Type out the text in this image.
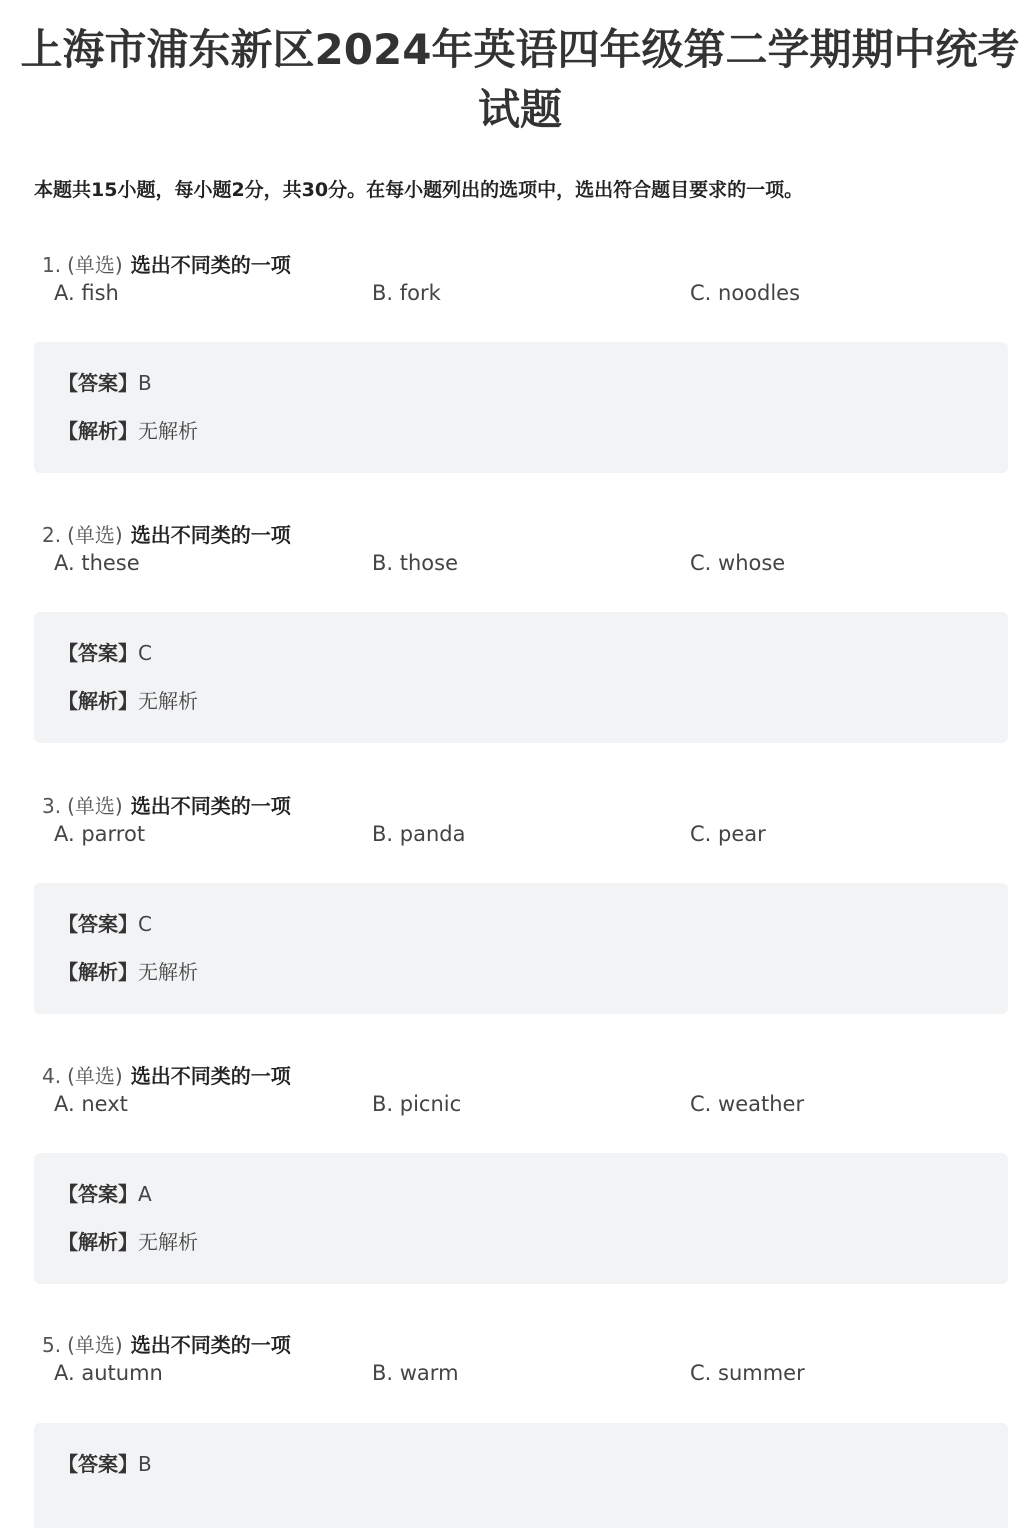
上海市浦东新区2024年英语四年级第二学期期中统考试题
本题共15小题，每小题2分，共30分。在每小题列出的选项中，选出符合题目要求的一项。
1. (单选) 选出不同类的一项
A. fish	B. fork	C. noodles
【答案】B
【解析】无解析
2. (单选) 选出不同类的一项
A. these	B. those	C. whose
【答案】C
【解析】无解析
3. (单选) 选出不同类的一项
A. parrot	B. panda	C. pear
【答案】C
【解析】无解析
4. (单选) 选出不同类的一项
A. next	B. picnic	C. weather
【答案】A
【解析】无解析
5. (单选) 选出不同类的一项
A. autumn	B. warm	C. summer
【答案】B
